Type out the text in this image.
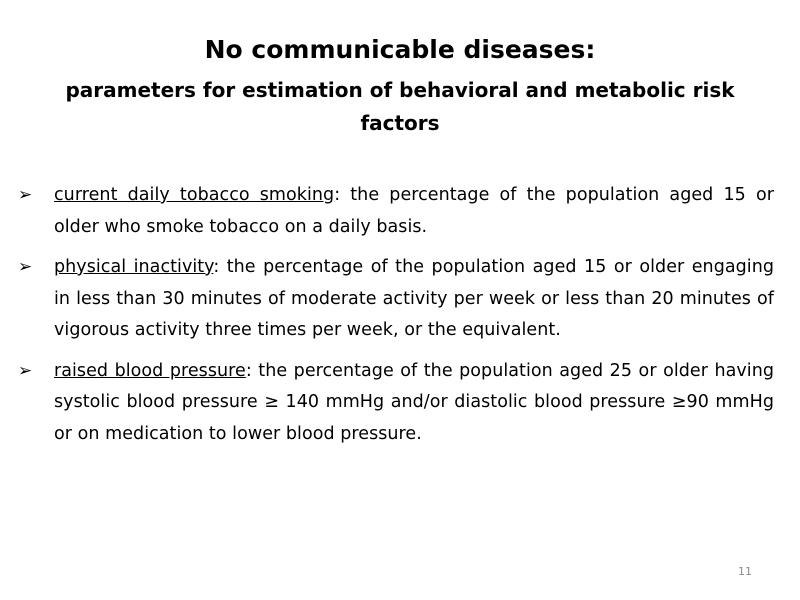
No communicable diseases:
parameters for estimation of behavioral and metabolic risk factors
➢	current daily tobacco smoking: the percentage of the population aged 15 or older who smoke tobacco on a daily basis.
➢	physical inactivity: the percentage of the population aged 15 or older engaging in less than 30 minutes of moderate activity per week or less than 20 minutes of vigorous activity three times per week, or the equivalent.
➢	raised blood pressure: the percentage of the population aged 25 or older having systolic blood pressure ≥ 140 mmHg and/or diastolic blood pressure ≥90 mmHg or on medication to lower blood pressure.
11
